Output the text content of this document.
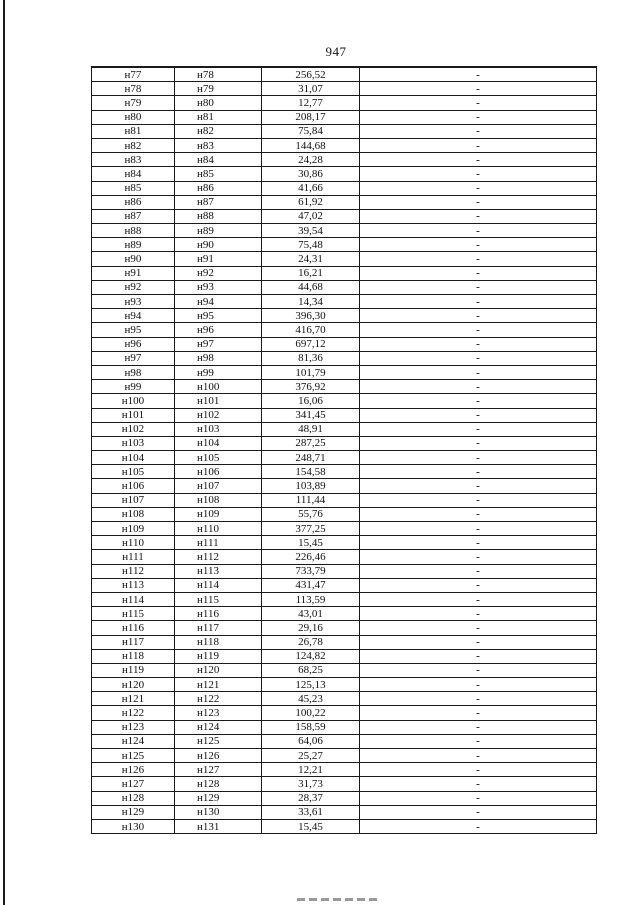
947
н77	н78	256,52	-
н78	н79	31,07	-
н79	н80	12,77	-
н80	н81	208,17	-
н81	н82	75,84	-
н82	н83	144,68	-
н83	н84	24,28	-
н84	н85	30,86	-
н85	н86	41,66	-
н86	н87	61,92	-
н87	н88	47,02	-
н88	н89	39,54	-
н89	н90	75,48	-
н90	н91	24,31	-
н91	н92	16,21	-
н92	н93	44,68	-
н93	н94	14,34	-
н94	н95	396,30	-
н95	н96	416,70	-
н96	н97	697,12	-
н97	н98	81,36	-
н98	н99	101,79	-
н99	н100	376,92	-
н100	н101	16,06	-
н101	н102	341,45	-
н102	н103	48,91	-
н103	н104	287,25	-
н104	н105	248,71	-
н105	н106	154,58	-
н106	н107	103,89	-
н107	н108	111,44	-
н108	н109	55,76	-
н109	н110	377,25	-
н110	н111	15,45	-
н111	н112	226,46	-
н112	н113	733,79	-
н113	н114	431,47	-
н114	н115	113,59	-
н115	н116	43,01	-
н116	н117	29,16	-
н117	н118	26,78	-
н118	н119	124,82	-
н119	н120	68,25	-
н120	н121	125,13	-
н121	н122	45,23	-
н122	н123	100,22	-
н123	н124	158,59	-
н124	н125	64,06	-
н125	н126	25,27	-
н126	н127	12,21	-
н127	н128	31,73	-
н128	н129	28,37	-
н129	н130	33,61	-
н130	н131	15,45	-
